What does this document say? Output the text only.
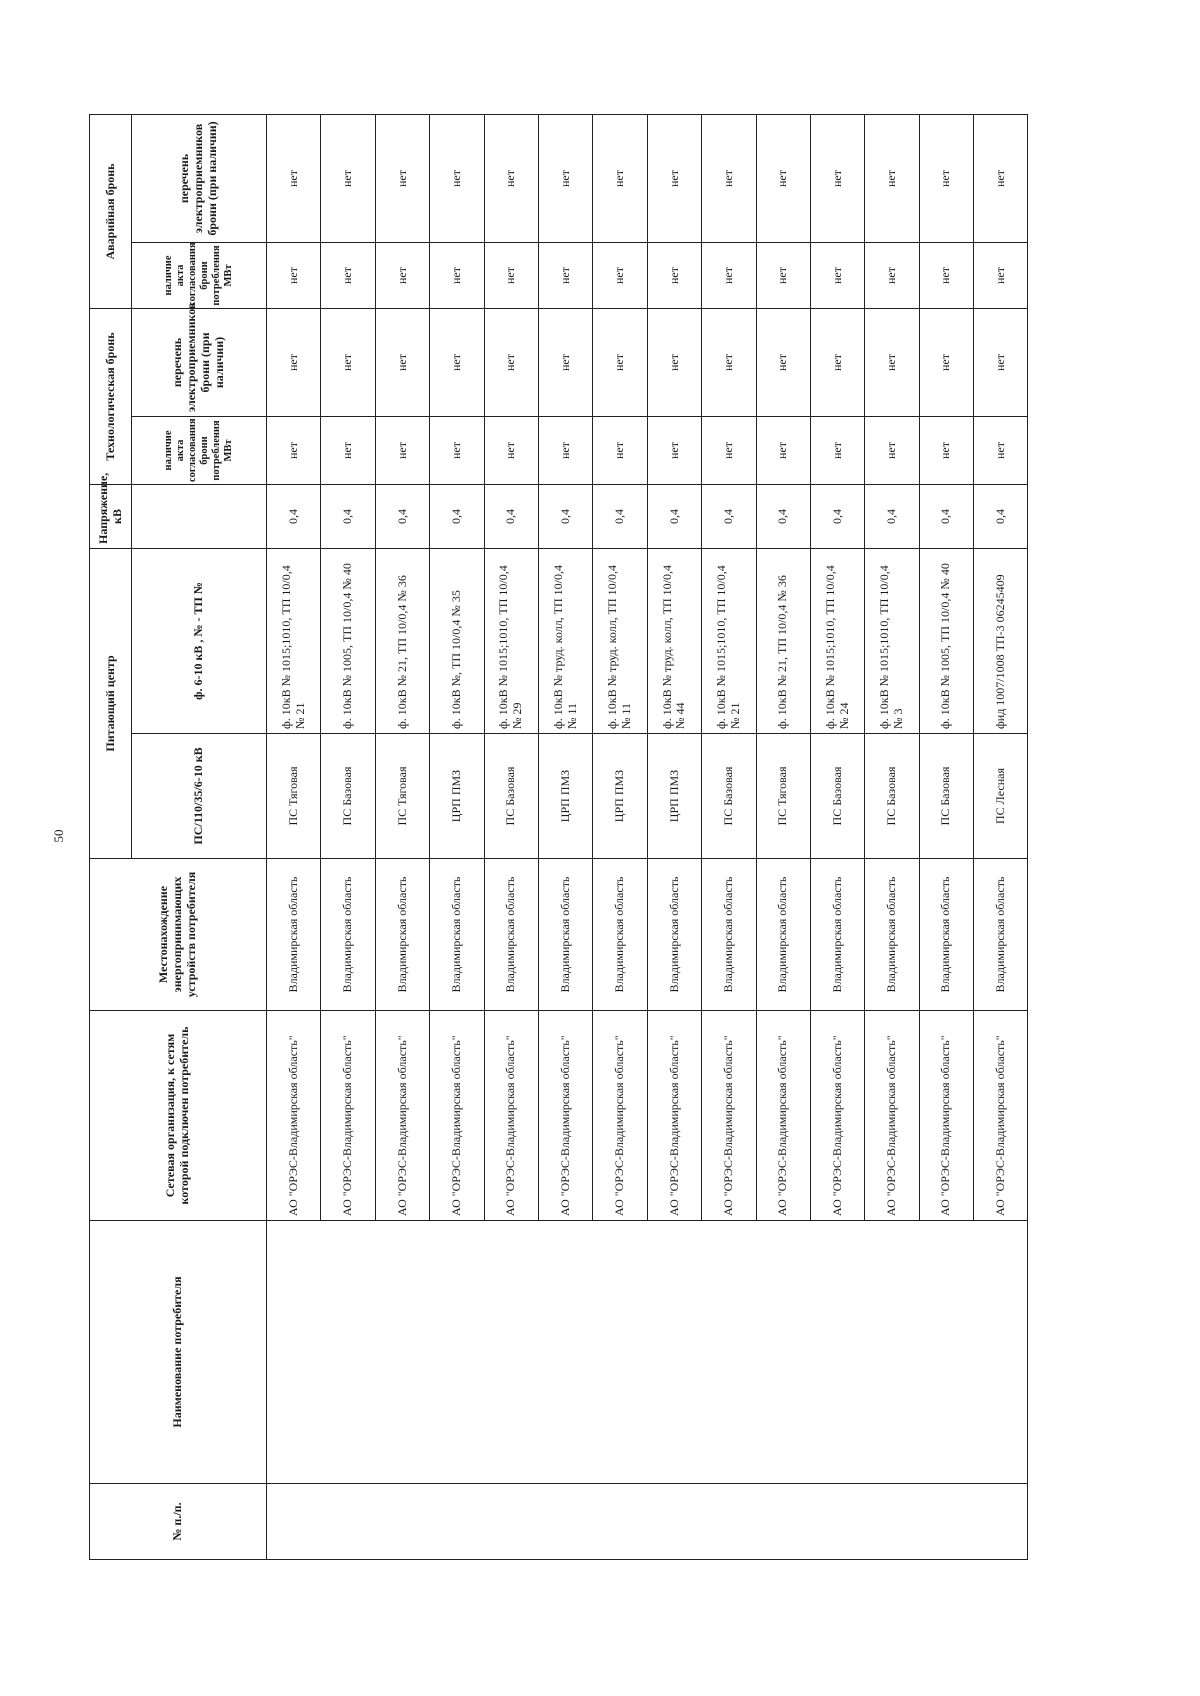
50
№ п./п.	Наименование потребителя	Сетевая организация, к сетям которой подключен потребитель	Местонахождение энергопринимающих устройств потребителя	Питающий центр		Напряжение, кВ	Технологическая бронь		Аварийная бронь	
				ПС/110/35/6-10 кВ	ф. 6-10 кВ , № - ТП №		наличие акта согласования брони потребления МВт	перечень электроприемников брони (при наличии)	наличие акта согласования брони потребления МВт	перечень электроприемников брони (при наличии)
		АО "ОРЭС-Владимирская область"	Владимирская область	ПС Тяговая	ф. 10кВ № 1015;1010, ТП 10/0,4 № 21	0,4	нет	нет	нет	нет
		АО "ОРЭС-Владимирская область"	Владимирская область	ПС Базовая	ф. 10кВ № 1005, ТП 10/0,4 № 40	0,4	нет	нет	нет	нет
		АО "ОРЭС-Владимирская область"	Владимирская область	ПС Тяговая	ф. 10кВ № 21, ТП 10/0,4 № 36	0,4	нет	нет	нет	нет
		АО "ОРЭС-Владимирская область"	Владимирская область	ЦРП ПМЗ	ф. 10кВ №, ТП 10/0,4 № 35	0,4	нет	нет	нет	нет
		АО "ОРЭС-Владимирская область"	Владимирская область	ПС Базовая	ф. 10кВ № 1015;1010, ТП 10/0,4 № 29	0,4	нет	нет	нет	нет
		АО "ОРЭС-Владимирская область"	Владимирская область	ЦРП ПМЗ	ф. 10кВ № труд. колл, ТП 10/0,4 № 11	0,4	нет	нет	нет	нет
		АО "ОРЭС-Владимирская область"	Владимирская область	ЦРП ПМЗ	ф. 10кВ № труд. колл, ТП 10/0,4 № 11	0,4	нет	нет	нет	нет
		АО "ОРЭС-Владимирская область"	Владимирская область	ЦРП ПМЗ	ф. 10кВ № труд. колл, ТП 10/0,4 № 44	0,4	нет	нет	нет	нет
		АО "ОРЭС-Владимирская область"	Владимирская область	ПС Базовая	ф. 10кВ № 1015;1010, ТП 10/0,4 № 21	0,4	нет	нет	нет	нет
		АО "ОРЭС-Владимирская область"	Владимирская область	ПС Тяговая	ф. 10кВ № 21, ТП 10/0,4 № 36	0,4	нет	нет	нет	нет
		АО "ОРЭС-Владимирская область"	Владимирская область	ПС Базовая	ф. 10кВ № 1015;1010, ТП 10/0,4 № 24	0,4	нет	нет	нет	нет
		АО "ОРЭС-Владимирская область"	Владимирская область	ПС Базовая	ф. 10кВ № 1015;1010, ТП 10/0,4 № 3	0,4	нет	нет	нет	нет
		АО "ОРЭС-Владимирская область"	Владимирская область	ПС Базовая	ф. 10кВ № 1005, ТП 10/0,4 № 40	0,4	нет	нет	нет	нет
		АО "ОРЭС-Владимирская область"	Владимирская область	ПС Лесная	фид 1007/1008 ТП-3 06245409	0,4	нет	нет	нет	нет
